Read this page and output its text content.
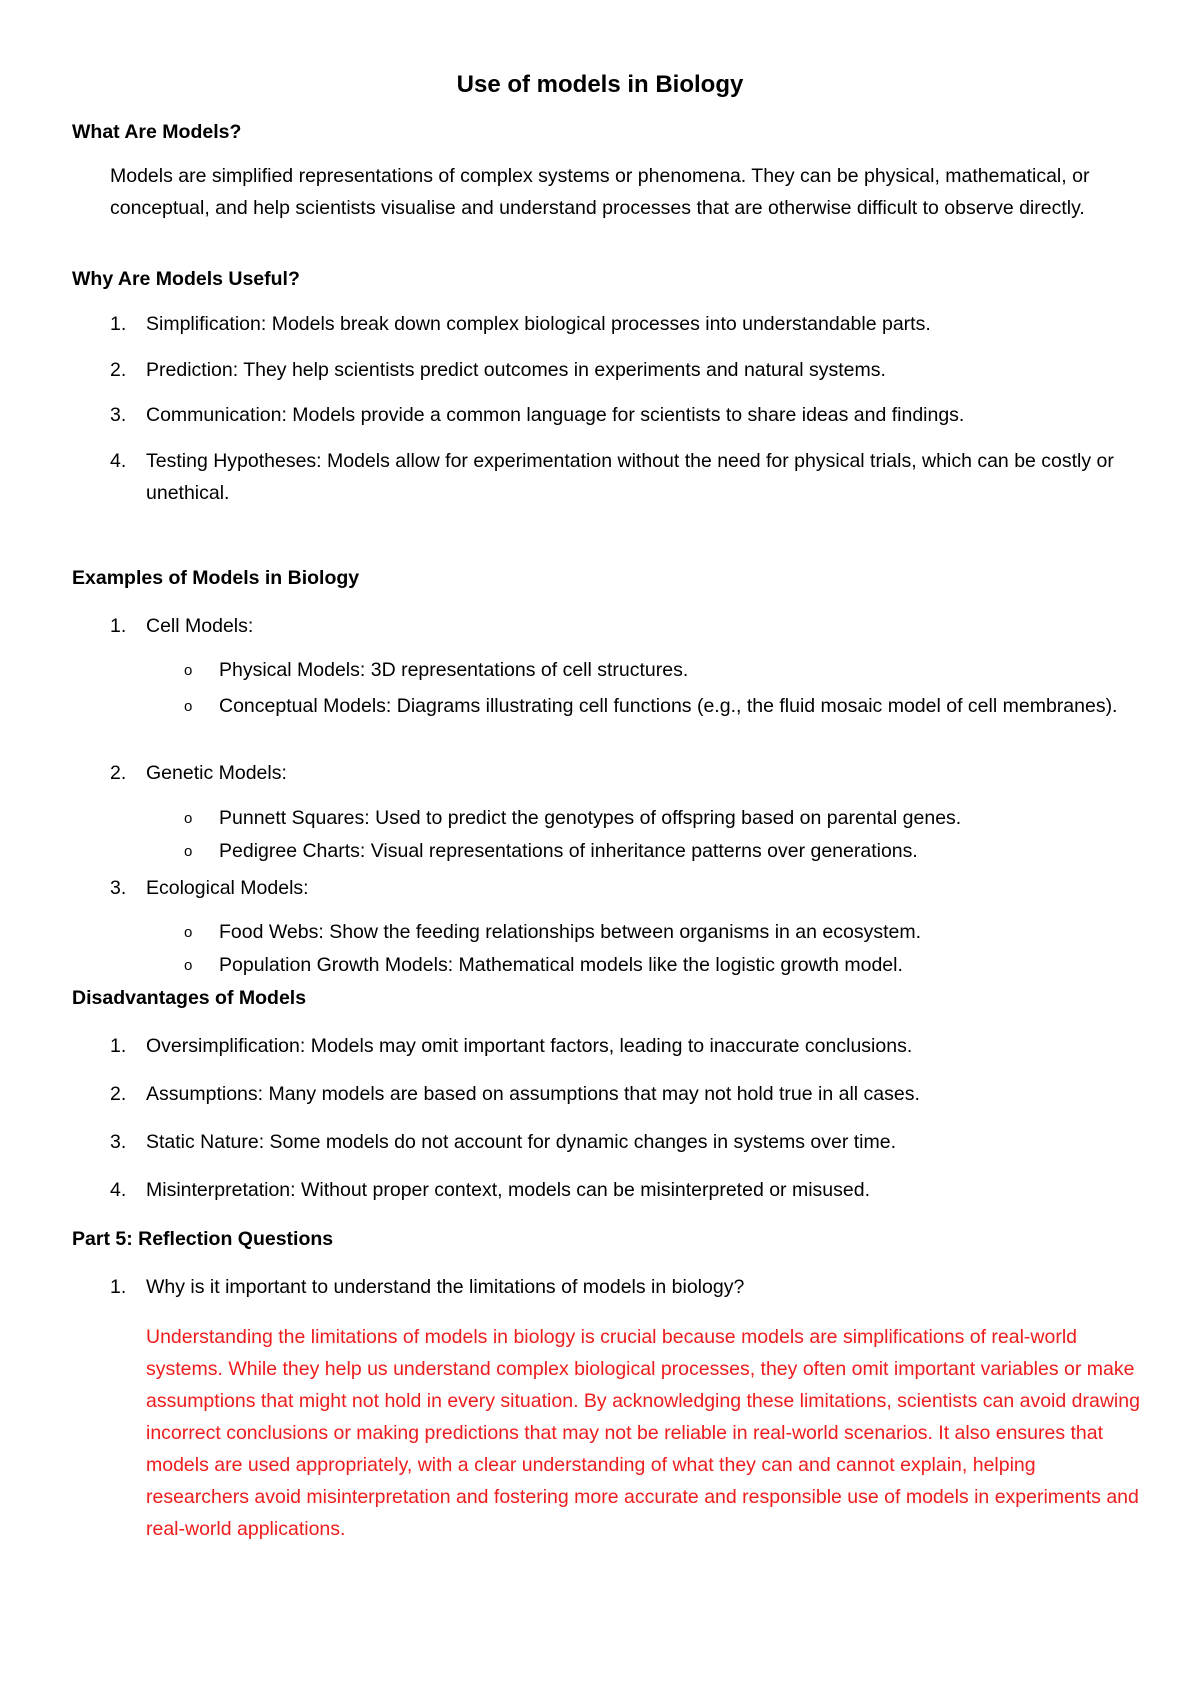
Use of models in Biology
What Are Models?
Models are simplified representations of complex systems or phenomena. They can be physical, mathematical, or conceptual, and help scientists visualise and understand processes that are otherwise difficult to observe directly.
Why Are Models Useful?
1. Simplification: Models break down complex biological processes into understandable parts.
2. Prediction: They help scientists predict outcomes in experiments and natural systems.
3. Communication: Models provide a common language for scientists to share ideas and findings.
4. Testing Hypotheses: Models allow for experimentation without the need for physical trials, which can be costly or unethical.
Examples of Models in Biology
1. Cell Models:
o Physical Models: 3D representations of cell structures.
o Conceptual Models: Diagrams illustrating cell functions (e.g., the fluid mosaic model of cell membranes).
2. Genetic Models:
o Punnett Squares: Used to predict the genotypes of offspring based on parental genes.
o Pedigree Charts: Visual representations of inheritance patterns over generations.
3. Ecological Models:
o Food Webs: Show the feeding relationships between organisms in an ecosystem.
o Population Growth Models: Mathematical models like the logistic growth model.
Disadvantages of Models
1. Oversimplification: Models may omit important factors, leading to inaccurate conclusions.
2. Assumptions: Many models are based on assumptions that may not hold true in all cases.
3. Static Nature: Some models do not account for dynamic changes in systems over time.
4. Misinterpretation: Without proper context, models can be misinterpreted or misused.
Part 5: Reflection Questions
1. Why is it important to understand the limitations of models in biology?
Understanding the limitations of models in biology is crucial because models are simplifications of real-world systems. While they help us understand complex biological processes, they often omit important variables or make assumptions that might not hold in every situation. By acknowledging these limitations, scientists can avoid drawing incorrect conclusions or making predictions that may not be reliable in real-world scenarios. It also ensures that models are used appropriately, with a clear understanding of what they can and cannot explain, helping researchers avoid misinterpretation and fostering more accurate and responsible use of models in experiments and real-world applications.
